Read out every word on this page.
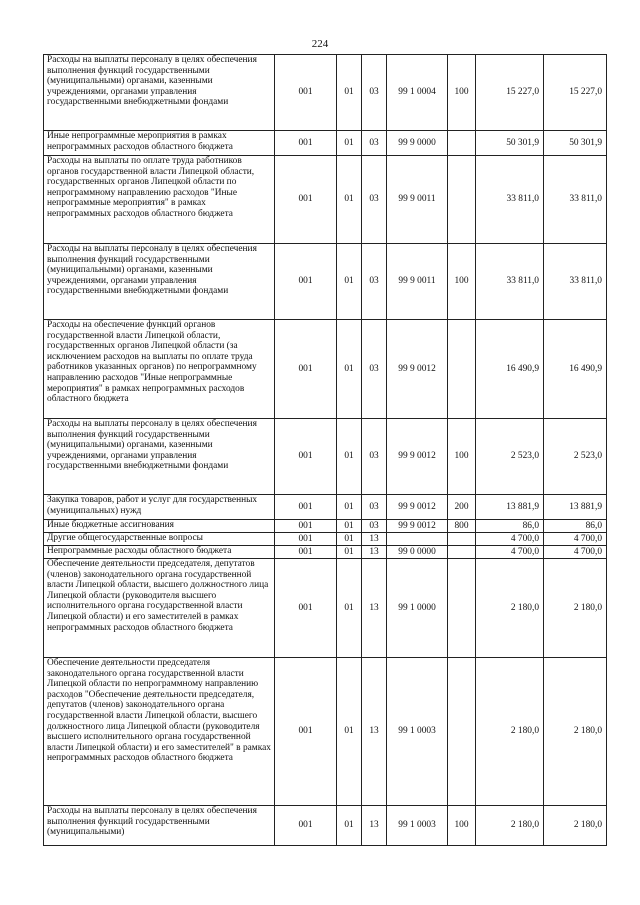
224
Расходы на выплаты персоналу в целях обеспечения выполнения функций государственными (муниципальными) органами, казенными учреждениями, органами управления государственными внебюджетными фондами	001	01	03	99 1 0004	100	15 227,0	15 227,0
Иные непрограммные мероприятия в рамках непрограммных расходов областного бюджета	001	01	03	99 9 0000		50 301,9	50 301,9
Расходы на выплаты по оплате труда работников органов государственной власти Липецкой области, государственных органов Липецкой области по непрограммному направлению расходов "Иные непрограммные мероприятия" в рамках непрограммных расходов областного бюджета	001	01	03	99 9 0011		33 811,0	33 811,0
Расходы на выплаты персоналу в целях обеспечения выполнения функций государственными (муниципальными) органами, казенными учреждениями, органами управления государственными внебюджетными фондами	001	01	03	99 9 0011	100	33 811,0	33 811,0
Расходы на обеспечение функций органов государственной власти Липецкой области, государственных органов Липецкой области (за исключением расходов на выплаты по оплате труда работников указанных органов) по непрограммному направлению расходов "Иные непрограммные мероприятия" в рамках непрограммных расходов областного бюджета	001	01	03	99 9 0012		16 490,9	16 490,9
Расходы на выплаты персоналу в целях обеспечения выполнения функций государственными (муниципальными) органами, казенными учреждениями, органами управления государственными внебюджетными фондами	001	01	03	99 9 0012	100	2 523,0	2 523,0
Закупка товаров, работ и услуг для государственных (муниципальных) нужд	001	01	03	99 9 0012	200	13 881,9	13 881,9
Иные бюджетные ассигнования	001	01	03	99 9 0012	800	86,0	86,0
Другие общегосударственные вопросы	001	01	13			4 700,0	4 700,0
Непрограммные расходы областного бюджета	001	01	13	99 0 0000		4 700,0	4 700,0
Обеспечение деятельности председателя, депутатов (членов) законодательного органа государственной власти Липецкой области, высшего должностного лица Липецкой области (руководителя высшего исполнительного органа государственной власти Липецкой области) и его заместителей в рамках непрограммных расходов областного бюджета	001	01	13	99 1 0000		2 180,0	2 180,0
Обеспечение деятельности председателя законодательного органа государственной власти Липецкой области по непрограммному направлению расходов "Обеспечение деятельности председателя, депутатов (членов) законодательного органа государственной власти Липецкой области, высшего должностного лица Липецкой области (руководителя высшего исполнительного органа государственной власти Липецкой области) и его заместителей" в рамках непрограммных расходов областного бюджета	001	01	13	99 1 0003		2 180,0	2 180,0
Расходы на выплаты персоналу в целях обеспечения выполнения функций государственными (муниципальными)	001	01	13	99 1 0003	100	2 180,0	2 180,0
